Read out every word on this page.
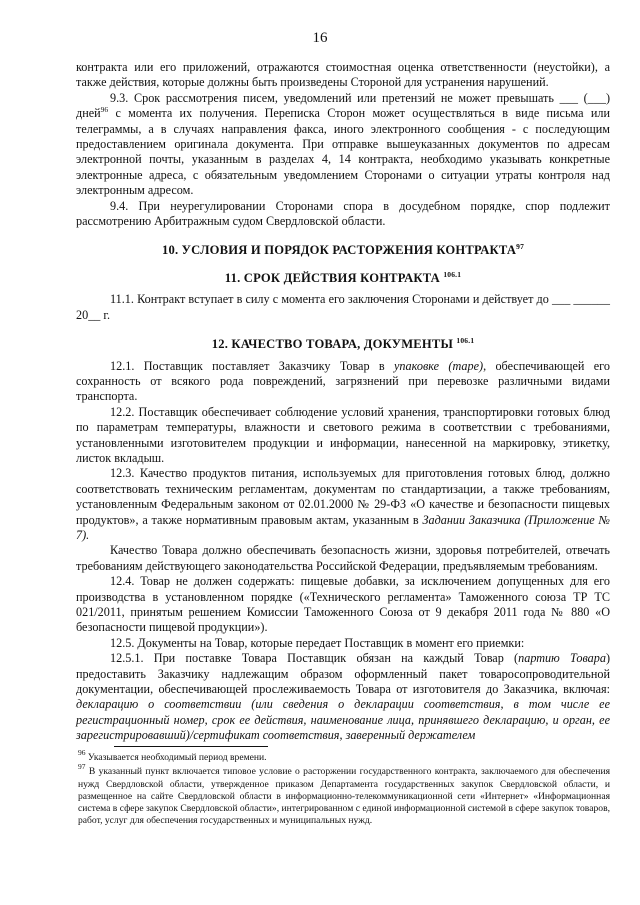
16

контракта или его приложений, отражаются стоимостная оценка ответственности (неустойки), а также действия, которые должны быть произведены Стороной для устранения нарушений.

9.3. Срок рассмотрения писем, уведомлений или претензий не может превышать ___ (___) дней$^{96}$ с момента их получения. Переписка Сторон может осуществляться в виде письма или телеграммы, а в случаях направления факса, иного электронного сообщения - с последующим предоставлением оригинала документа. При отправке вышеуказанных документов по адресам электронной почты, указанным в разделах 4, 14 контракта, необходимо указывать конкретные электронные адреса, с обязательным уведомлением Сторонами о ситуации утраты контроля над электронным адресом.

9.4. При неурегулировании Сторонами спора в досудебном порядке, спор подлежит рассмотрению Арбитражным судом Свердловской области.

10. УСЛОВИЯ И ПОРЯДОК РАСТОРЖЕНИЯ КОНТРАКТА$^{97}$

11. СРОК ДЕЙСТВИЯ КОНТРАКТА $^{106.1}$

11.1. Контракт вступает в силу с момента его заключения Сторонами и действует до ___ ______ 20__ г.

12. КАЧЕСТВО ТОВАРА, ДОКУМЕНТЫ $^{106.1}$

12.1. Поставщик поставляет Заказчику Товар в упаковке (таре), обеспечивающей его сохранность от всякого рода повреждений, загрязнений при перевозке различными видами транспорта.

12.2. Поставщик обеспечивает соблюдение условий хранения, транспортировки готовых блюд по параметрам температуры, влажности и светового режима в соответствии с требованиями, установленными изготовителем продукции и информации, нанесенной на маркировку, этикетку, листок вкладыш.

12.3. Качество продуктов питания, используемых для приготовления готовых блюд, должно соответствовать техническим регламентам, документам по стандартизации, а также требованиям, установленным Федеральным законом от 02.01.2000 № 29-ФЗ «О качестве и безопасности пищевых продуктов», а также нормативным правовым актам, указанным в Задании Заказчика (Приложение № 7).

Качество Товара должно обеспечивать безопасность жизни, здоровья потребителей, отвечать требованиям действующего законодательства Российской Федерации, предъявляемым требованиям.

12.4. Товар не должен содержать: пищевые добавки, за исключением допущенных для его производства в установленном порядке («Технического регламента» Таможенного союза ТР ТС 021/2011, принятым решением Комиссии Таможенного Союза от 9 декабря 2011 года № 880 «О безопасности пищевой продукции»).

12.5. Документы на Товар, которые передает Поставщик в момент его приемки:

12.5.1. При поставке Товара Поставщик обязан на каждый Товар (партию Товара) предоставить Заказчику надлежащим образом оформленный пакет товаросопроводительной документации, обеспечивающей прослеживаемость Товара от изготовителя до Заказчика, включая: декларацию о соответствии (или сведения о декларации соответствия, в том числе ее регистрационный номер, срок ее действия, наименование лица, принявшего декларацию, и орган, ее зарегистрировавший)/сертификат соответствия, заверенный держателем

$^{96}$ Указывается необходимый период времени.

$^{97}$ В указанный пункт включается типовое условие о расторжении государственного контракта, заключаемого для обеспечения нужд Свердловской области, утвержденное приказом Департамента государственных закупок Свердловской области, и размещенное на сайте Свердловской области в информационно-телекоммуникационной сети «Интернет» «Информационная система в сфере закупок Свердловской области», интегрированном с единой информационной системой в сфере закупок товаров, работ, услуг для обеспечения государственных и муниципальных нужд.
